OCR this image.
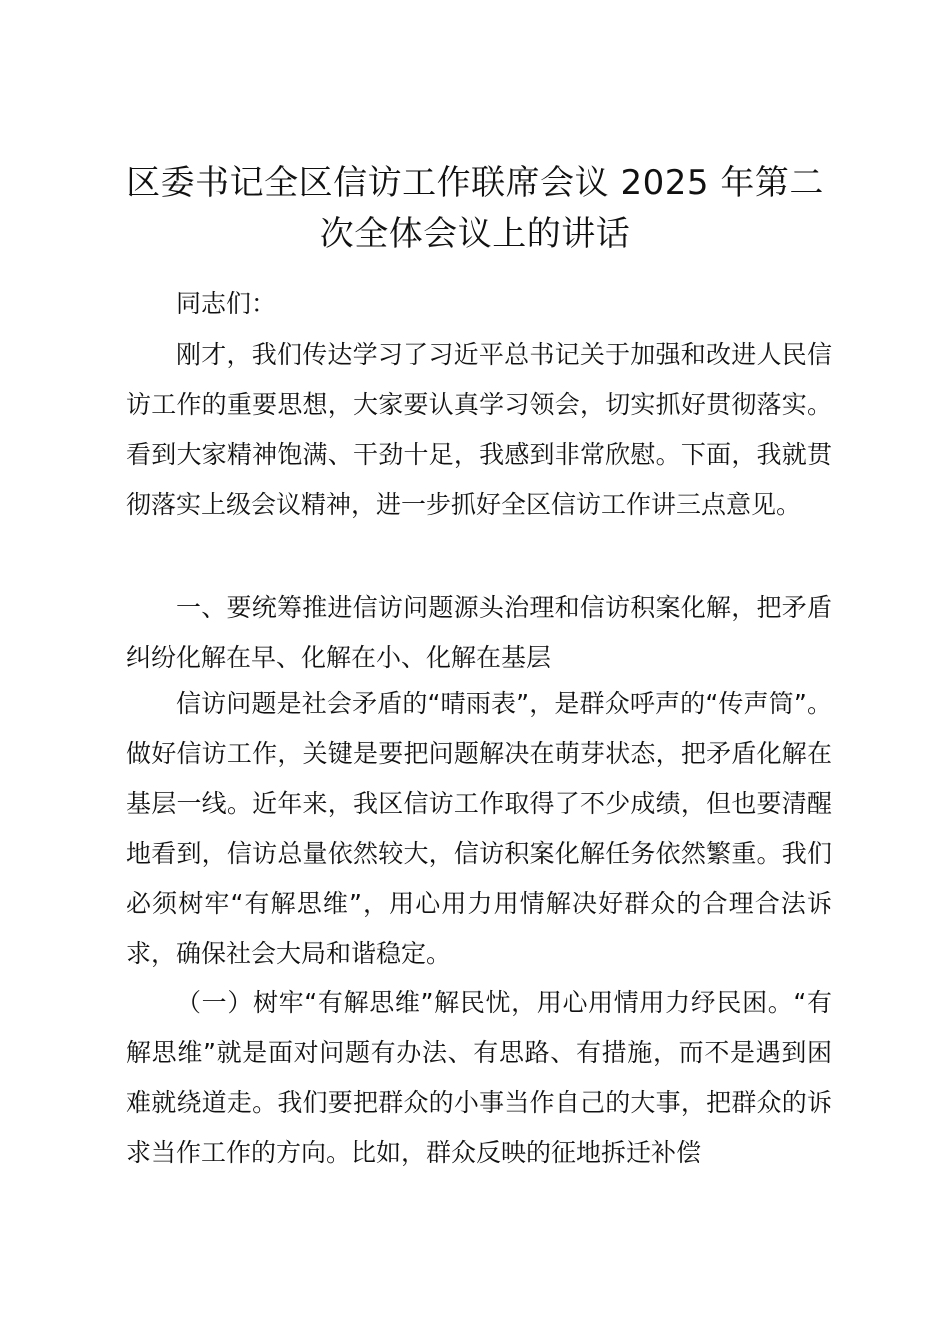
区委书记全区信访工作联席会议 2025 年第二次全体会议上的讲话

同志们：

刚才，我们传达学习了习近平总书记关于加强和改进人民信访工作的重要思想，大家要认真学习领会，切实抓好贯彻落实。看到大家精神饱满、干劲十足，我感到非常欣慰。下面，我就贯彻落实上级会议精神，进一步抓好全区信访工作讲三点意见。

一、要统筹推进信访问题源头治理和信访积案化解，把矛盾纠纷化解在早、化解在小、化解在基层

信访问题是社会矛盾的“晴雨表”，是群众呼声的“传声筒”。做好信访工作，关键是要把问题解决在萌芽状态，把矛盾化解在基层一线。近年来，我区信访工作取得了不少成绩，但也要清醒地看到，信访总量依然较大，信访积案化解任务依然繁重。我们必须树牢“有解思维”，用心用力用情解决好群众的合理合法诉求，确保社会大局和谐稳定。

（一）树牢“有解思维”解民忧，用心用情用力纾民困。“有解思维”就是面对问题有办法、有思路、有措施，而不是遇到困难就绕道走。我们要把群众的小事当作自己的大事，把群众的诉求当作工作的方向。比如，群众反映的征地拆迁补偿
